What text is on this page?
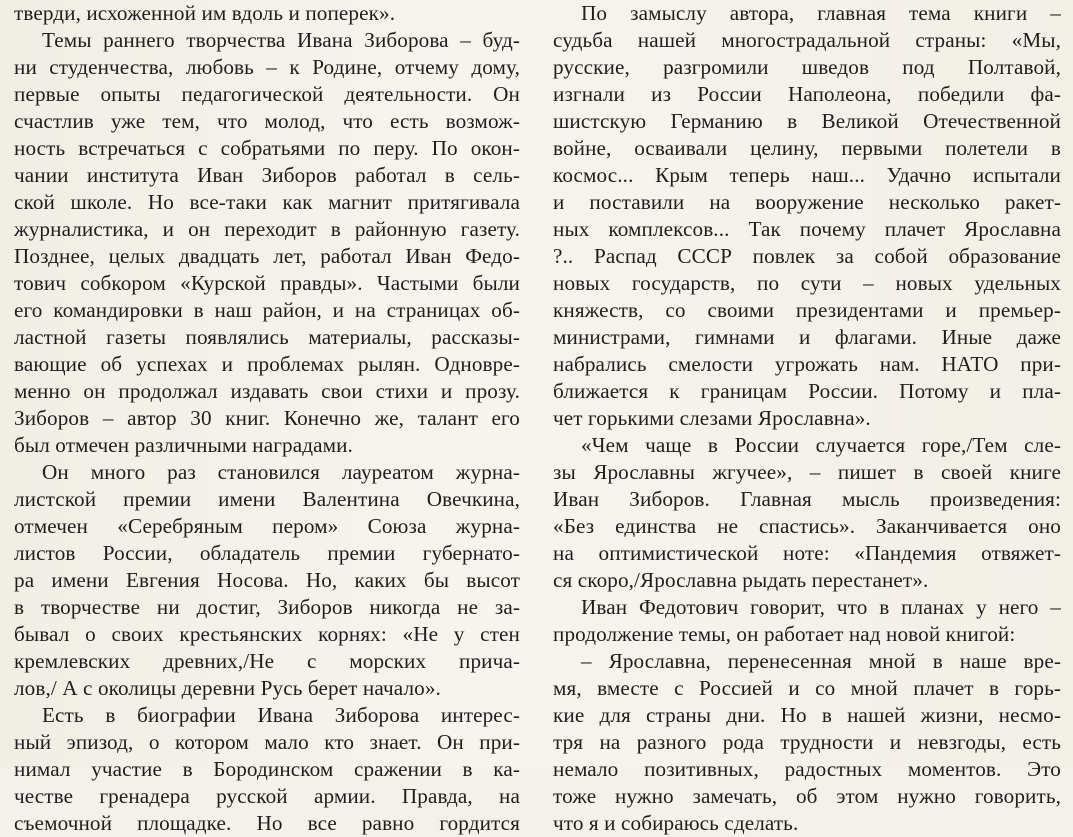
тверди, исхоженной им вдоль и поперек».
Темы раннего творчества Ивана Зиборова – буд-
ни студенчества, любовь – к Родине, отчему дому,
первые опыты педагогической деятельности. Он
счастлив уже тем, что молод, что есть возмож-
ность встречаться с собратьями по перу. По окон-
чании института Иван Зиборов работал в сель-
ской школе. Но все-таки как магнит притягивала
журналистика, и он переходит в районную газету.
Позднее, целых двадцать лет, работал Иван Федо-
тович собкором «Курской правды». Частыми были
его командировки в наш район, и на страницах об-
ластной газеты появлялись материалы, рассказы-
вающие об успехах и проблемах рылян. Одновре-
менно он продолжал издавать свои стихи и прозу.
Зиборов – автор 30 книг. Конечно же, талант его
был отмечен различными наградами.
Он много раз становился лауреатом журна-
листской премии имени Валентина Овечкина,
отмечен «Серебряным пером» Союза журна-
листов России, обладатель премии губернато-
ра имени Евгения Носова. Но, каких бы высот
в творчестве ни достиг, Зиборов никогда не за-
бывал о своих крестьянских корнях: «Не у стен
кремлевских древних,/Не с морских прича-
лов,/ А с околицы деревни Русь берет начало».
Есть в биографии Ивана Зиборова интерес-
ный эпизод, о котором мало кто знает. Он при-
нимал участие в Бородинском сражении в ка-
честве гренадера русской армии. Правда, на
съемочной площадке. Но все равно гордится
По замыслу автора, главная тема книги –
судьба нашей многострадальной страны: «Мы,
русские, разгромили шведов под Полтавой,
изгнали из России Наполеона, победили фа-
шистскую Германию в Великой Отечественной
войне, осваивали целину, первыми полетели в
космос... Крым теперь наш... Удачно испытали
и поставили на вооружение несколько ракет-
ных комплексов... Так почему плачет Ярославна
?.. Распад СССР повлек за собой образование
новых государств, по сути – новых удельных
княжеств, со своими президентами и премьер-
министрами, гимнами и флагами. Иные даже
набрались смелости угрожать нам. НАТО при-
ближается к границам России. Потому и пла-
чет горькими слезами Ярославна».
«Чем чаще в России случается горе,/Тем сле-
зы Ярославны жгучее», – пишет в своей книге
Иван Зиборов. Главная мысль произведения:
«Без единства не спастись». Заканчивается оно
на оптимистической ноте: «Пандемия отвяжет-
ся скоро,/Ярославна рыдать перестанет».
Иван Федотович говорит, что в планах у него –
продолжение темы, он работает над новой книгой:
– Ярославна, перенесенная мной в наше вре-
мя, вместе с Россией и со мной плачет в горь-
кие для страны дни. Но в нашей жизни, несмо-
тря на разного рода трудности и невзгоды, есть
немало позитивных, радостных моментов. Это
тоже нужно замечать, об этом нужно говорить,
что я и собираюсь сделать.
